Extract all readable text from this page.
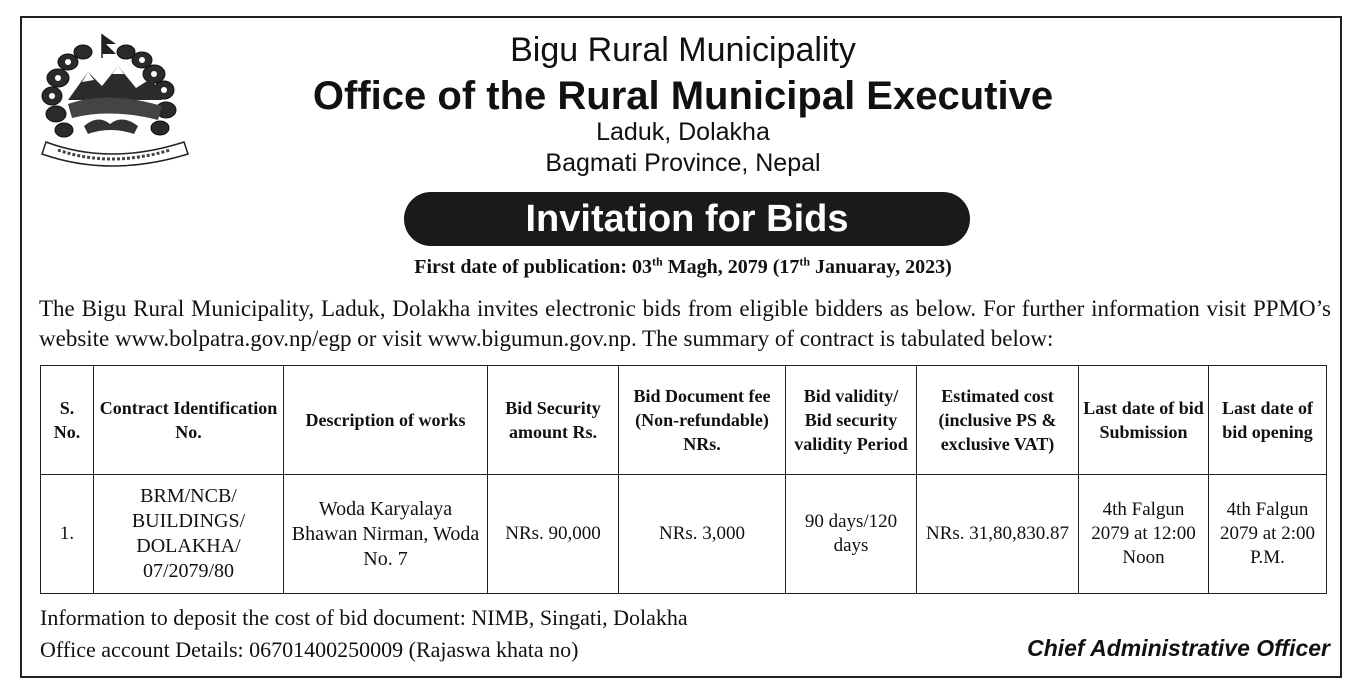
Bigu Rural Municipality
Office of the Rural Municipal Executive
Laduk, Dolakha
Bagmati Province, Nepal
Invitation for Bids
First date of publication: 03th Magh, 2079 (17th Januaray, 2023)
The Bigu Rural Municipality, Laduk, Dolakha invites electronic bids from eligible bidders as below. For further information visit PPMO’s website www.bolpatra.gov.np/egp or visit www.bigumun.gov.np. The summary of contract is tabulated below:
S. No.	Contract Identification No.	Description of works	Bid Security amount Rs.	Bid Document fee (Non-refundable) NRs.	Bid validity/ Bid security validity Period	Estimated cost (inclusive PS & exclusive VAT)	Last date of bid Submission	Last date of bid opening
1.	BRM/NCB/ BUILDINGS/ DOLAKHA/ 07/2079/80	Woda Karyalaya Bhawan Nirman, Woda No. 7	NRs. 90,000	NRs. 3,000	90 days/120 days	NRs. 31,80,830.87	4th Falgun 2079 at 12:00 Noon	4th Falgun 2079 at 2:00 P.M.
Information to deposit the cost of bid document: NIMB, Singati, Dolakha
Office account Details: 06701400250009 (Rajaswa khata no)	Chief Administrative Officer
